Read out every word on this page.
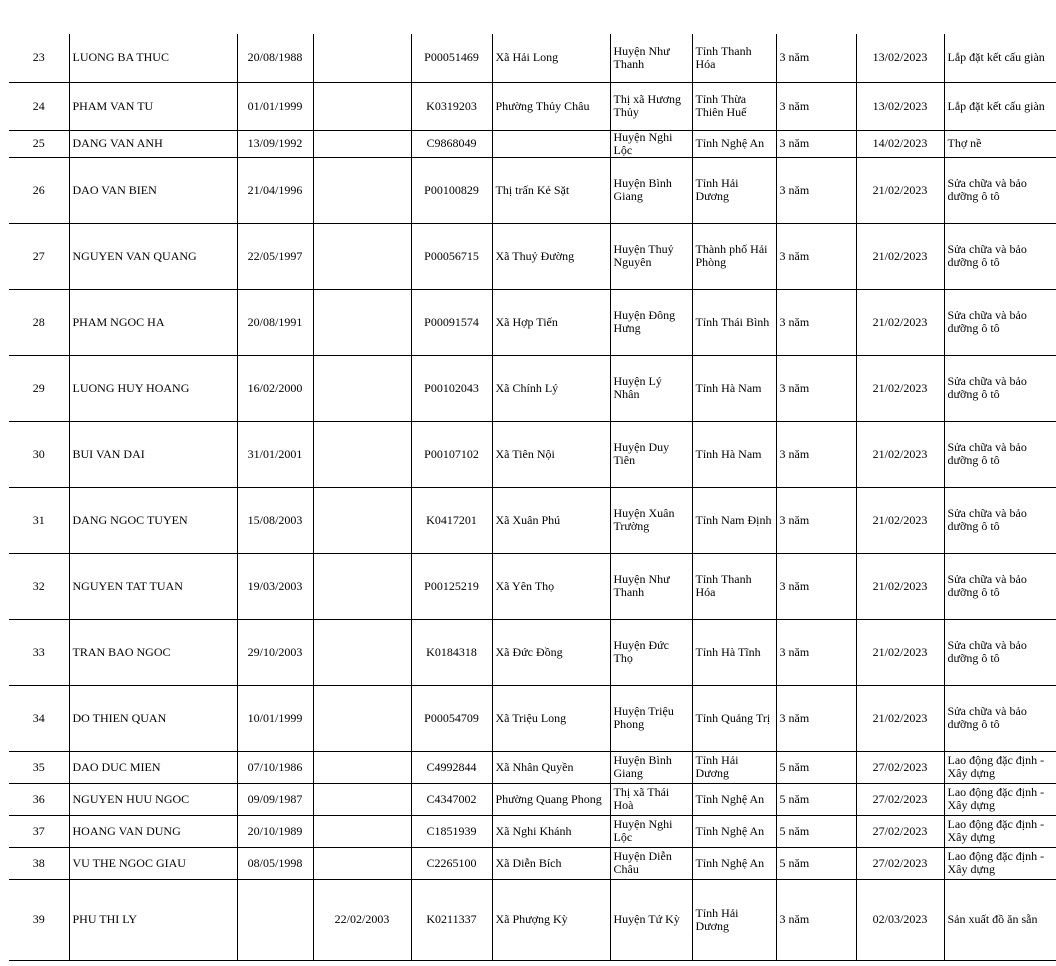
23	LUONG BA THUC	20/08/1988		P00051469	Xã Hải Long	Huyện Như Thanh	Tỉnh Thanh Hóa	3 năm	13/02/2023	Lắp đặt kết cấu giàn
24	PHAM VAN TU	01/01/1999		K0319203	Phường Thủy Châu	Thị xã Hương Thủy	Tỉnh Thừa Thiên Huế	3 năm	13/02/2023	Lắp đặt kết cấu giàn
25	DANG VAN ANH	13/09/1992		C9868049		Huyện Nghi Lộc	Tỉnh Nghệ An	3 năm	14/02/2023	Thợ nề
26	DAO VAN BIEN	21/04/1996		P00100829	Thị trấn Kẻ Sặt	Huyện Bình Giang	Tỉnh Hải Dương	3 năm	21/02/2023	Sửa chữa và bảo dưỡng ô tô
27	NGUYEN VAN QUANG	22/05/1997		P00056715	Xã Thuỷ Đường	Huyện Thuỷ Nguyên	Thành phố Hải Phòng	3 năm	21/02/2023	Sửa chữa và bảo dưỡng ô tô
28	PHAM NGOC HA	20/08/1991		P00091574	Xã Hợp Tiến	Huyện Đông Hưng	Tỉnh Thái Bình	3 năm	21/02/2023	Sửa chữa và bảo dưỡng ô tô
29	LUONG HUY HOANG	16/02/2000		P00102043	Xã Chính Lý	Huyện Lý Nhân	Tỉnh Hà Nam	3 năm	21/02/2023	Sửa chữa và bảo dưỡng ô tô
30	BUI VAN DAI	31/01/2001		P00107102	Xã Tiên Nội	Huyện Duy Tiên	Tỉnh Hà Nam	3 năm	21/02/2023	Sửa chữa và bảo dưỡng ô tô
31	DANG NGOC TUYEN	15/08/2003		K0417201	Xã Xuân Phú	Huyện Xuân Trường	Tỉnh Nam Định	3 năm	21/02/2023	Sửa chữa và bảo dưỡng ô tô
32	NGUYEN TAT TUAN	19/03/2003		P00125219	Xã Yên Thọ	Huyện Như Thanh	Tỉnh Thanh Hóa	3 năm	21/02/2023	Sửa chữa và bảo dưỡng ô tô
33	TRAN BAO NGOC	29/10/2003		K0184318	Xã Đức Đồng	Huyện Đức Thọ	Tỉnh Hà Tĩnh	3 năm	21/02/2023	Sửa chữa và bảo dưỡng ô tô
34	DO THIEN QUAN	10/01/1999		P00054709	Xã Triệu Long	Huyện Triệu Phong	Tỉnh Quảng Trị	3 năm	21/02/2023	Sửa chữa và bảo dưỡng ô tô
35	DAO DUC MIEN	07/10/1986		C4992844	Xã Nhân Quyền	Huyện Bình Giang	Tỉnh Hải Dương	5 năm	27/02/2023	Lao động đặc định - Xây dựng
36	NGUYEN HUU NGOC	09/09/1987		C4347002	Phường Quang Phong	Thị xã Thái Hoà	Tỉnh Nghệ An	5 năm	27/02/2023	Lao động đặc định - Xây dựng
37	HOANG VAN DUNG	20/10/1989		C1851939	Xã Nghi Khánh	Huyện Nghi Lộc	Tỉnh Nghệ An	5 năm	27/02/2023	Lao động đặc định - Xây dựng
38	VU THE NGOC GIAU	08/05/1998		C2265100	Xã Diễn Bích	Huyện Diễn Châu	Tỉnh Nghệ An	5 năm	27/02/2023	Lao động đặc định - Xây dựng
39	PHU THI LY		22/02/2003	K0211337	Xã Phượng Kỳ	Huyện Tứ Kỳ	Tỉnh Hải Dương	3 năm	02/03/2023	Sản xuất đồ ăn sẵn
